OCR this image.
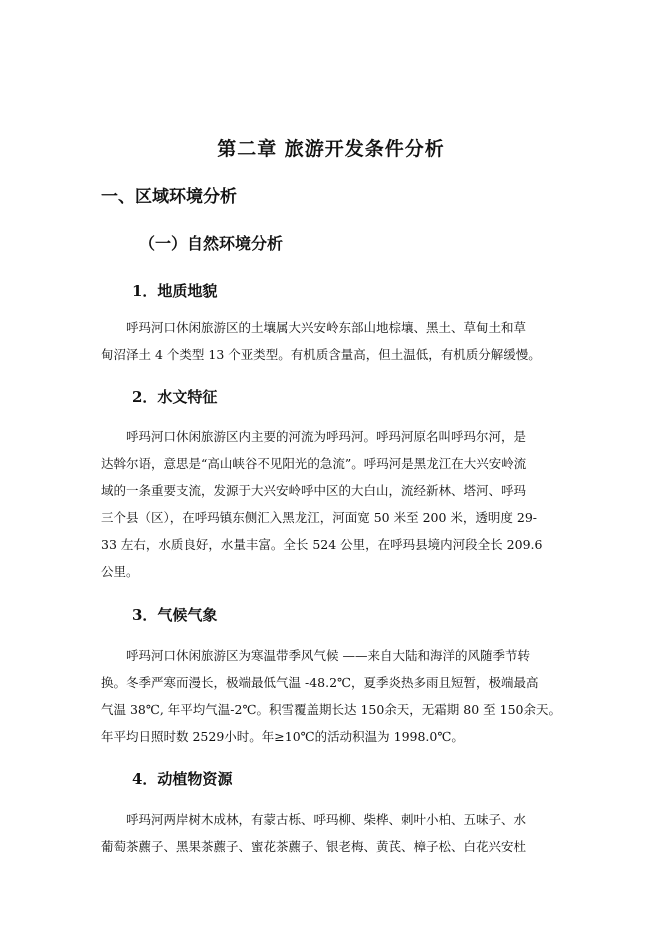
第二章 旅游开发条件分析
一、区域环境分析
（一）自然环境分析
1．地质地貌
呼玛河口休闲旅游区的土壤属大兴安岭东部山地棕壤、黑土、草甸土和草
甸沼泽土 4 个类型 13 个亚类型。有机质含量高，但土温低，有机质分解缓慢。
2．水文特征
呼玛河口休闲旅游区内主要的河流为呼玛河。呼玛河原名叫呼玛尔河，是
达斡尔语，意思是“高山峡谷不见阳光的急流”。呼玛河是黑龙江在大兴安岭流
域的一条重要支流，发源于大兴安岭呼中区的大白山，流经新林、塔河、呼玛
三个县（区），在呼玛镇东侧汇入黑龙江，河面宽 50 米至 200 米，透明度 29-
33 左右，水质良好，水量丰富。全长 524 公里，在呼玛县境内河段全长 209.6
公里。
3．气候气象
呼玛河口休闲旅游区为寒温带季风气候 ——来自大陆和海洋的风随季节转
换。冬季严寒而漫长，极端最低气温 -48.2℃，夏季炎热多雨且短暂，极端最高
气温 38℃, 年平均气温-2℃。积雪覆盖期长达 150余天，无霜期 80 至 150余天。
年平均日照时数 2529小时。年≥10℃的活动积温为 1998.0℃。
4．动植物资源
呼玛河两岸树木成林，有蒙古栎、呼玛柳、柴桦、刺叶小柏、五味子、水
葡萄茶藨子、黑果茶藨子、蜜花茶藨子、银老梅、黄芪、樟子松、白花兴安杜
